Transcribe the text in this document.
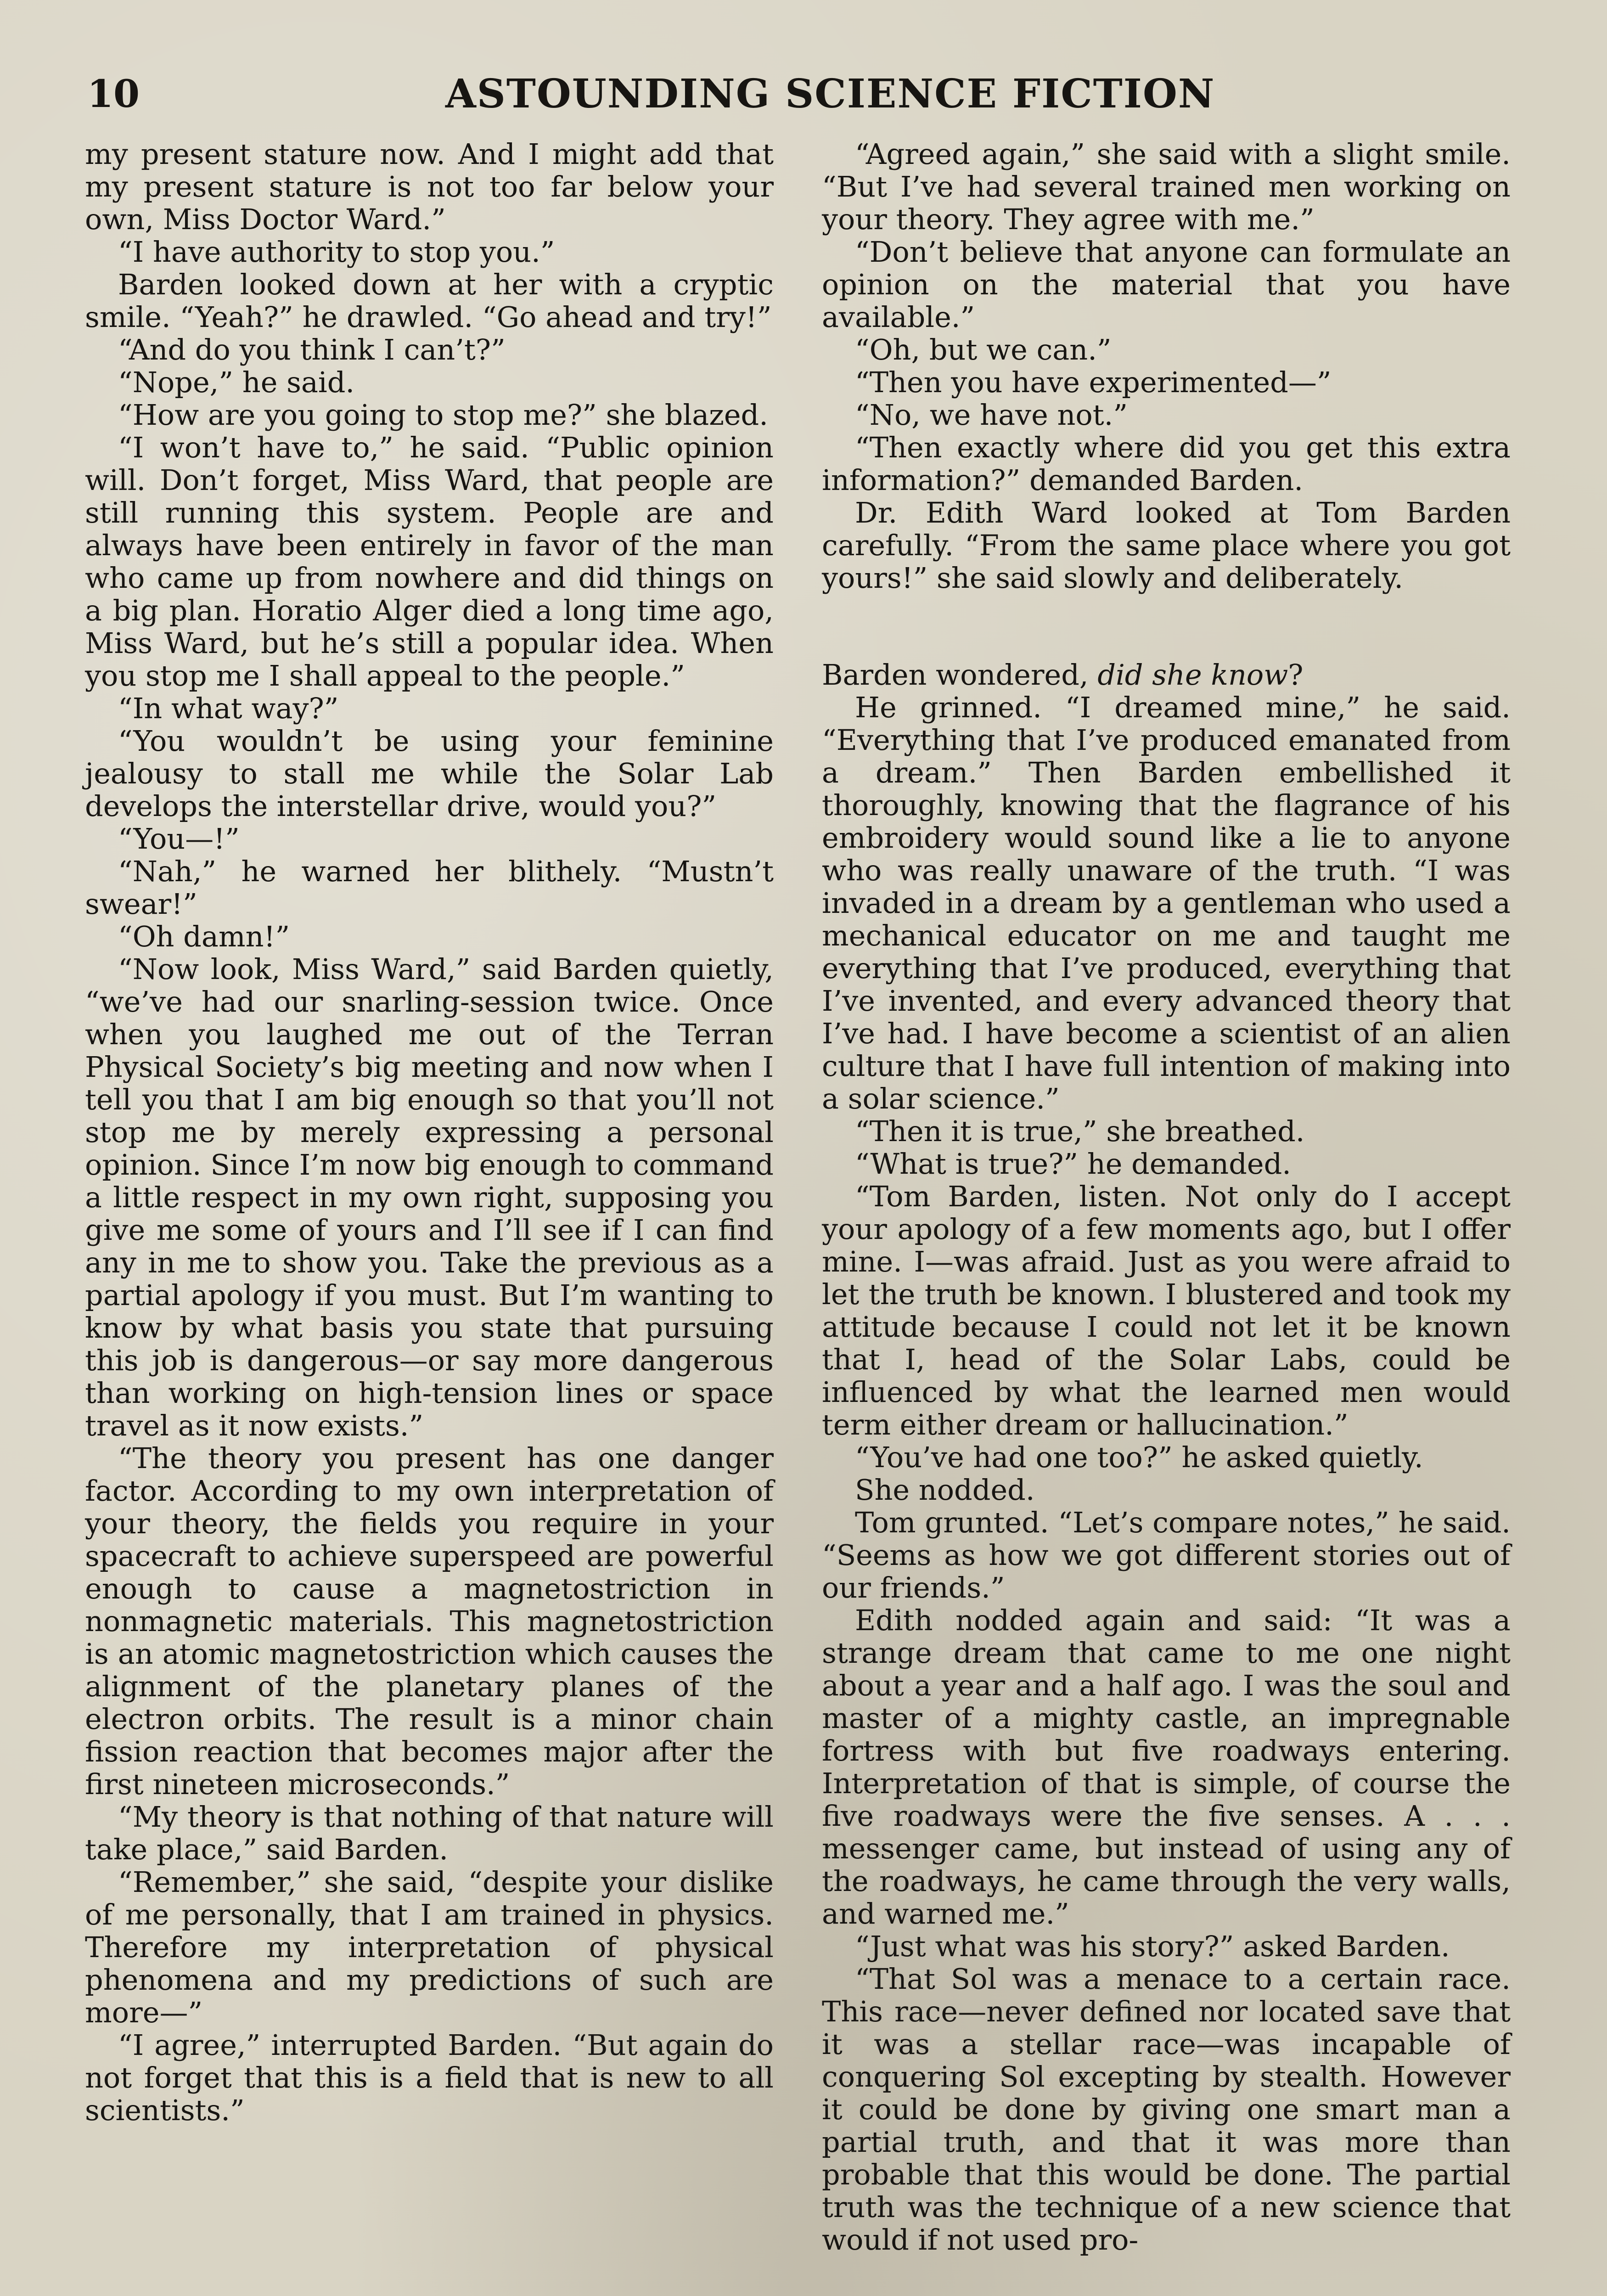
10	ASTOUNDING SCIENCE FICTION

my present stature now. And I might add that my present stature is not too far below your own, Miss Doctor Ward.”

“I have authority to stop you.”

Barden looked down at her with a cryptic smile. “Yeah?” he drawled. “Go ahead and try!”

“And do you think I can’t?”

“Nope,” he said.

“How are you going to stop me?” she blazed.

“I won’t have to,” he said. “Public opinion will. Don’t forget, Miss Ward, that people are still running this system. People are and always have been entirely in favor of the man who came up from nowhere and did things on a big plan. Horatio Alger died a long time ago, Miss Ward, but he’s still a popular idea. When you stop me I shall appeal to the people.”

“In what way?”

“You wouldn’t be using your feminine jealousy to stall me while the Solar Lab develops the interstellar drive, would you?”

“You—!”

“Nah,” he warned her blithely. “Mustn’t swear!”

“Oh damn!”

“Now look, Miss Ward,” said Barden quietly, “we’ve had our snarling-session twice. Once when you laughed me out of the Terran Physical Society’s big meeting and now when I tell you that I am big enough so that you’ll not stop me by merely expressing a personal opinion. Since I’m now big enough to command a little respect in my own right, supposing you give me some of yours and I’ll see if I can find any in me to show you. Take the previous as a partial apology if you must. But I’m wanting to know by what basis you state that pursuing this job is dangerous—or say more dangerous than working on high-tension lines or space travel as it now exists.”

“The theory you present has one danger factor. According to my own interpretation of your theory, the fields you require in your spacecraft to achieve superspeed are powerful enough to cause a magnetostriction in nonmagnetic materials. This magnetostriction is an atomic magnetostriction which causes the alignment of the planetary planes of the electron orbits. The result is a minor chain fission reaction that becomes major after the first nineteen microseconds.”

“My theory is that nothing of that nature will take place,” said Barden.

“Remember,” she said, “despite your dislike of me personally, that I am trained in physics. Therefore my interpretation of physical phenomena and my predictions of such are more—”

“I agree,” interrupted Barden. “But again do not forget that this is a field that is new to all scientists.”

“Agreed again,” she said with a slight smile. “But I’ve had several trained men working on your theory. They agree with me.”

“Don’t believe that anyone can formulate an opinion on the material that you have available.”

“Oh, but we can.”

“Then you have experimented—”

“No, we have not.”

“Then exactly where did you get this extra information?” demanded Barden.

Dr. Edith Ward looked at Tom Barden carefully. “From the same place where you got yours!” she said slowly and deliberately.

Barden wondered, did she know?

He grinned. “I dreamed mine,” he said. “Everything that I’ve produced emanated from a dream.” Then Barden embellished it thoroughly, knowing that the flagrance of his embroidery would sound like a lie to anyone who was really unaware of the truth. “I was invaded in a dream by a gentleman who used a mechanical educator on me and taught me everything that I’ve produced, everything that I’ve invented, and every advanced theory that I’ve had. I have become a scientist of an alien culture that I have full intention of making into a solar science.”

“Then it is true,” she breathed.

“What is true?” he demanded.

“Tom Barden, listen. Not only do I accept your apology of a few moments ago, but I offer mine. I—was afraid. Just as you were afraid to let the truth be known. I blustered and took my attitude because I could not let it be known that I, head of the Solar Labs, could be influenced by what the learned men would term either dream or hallucination.”

“You’ve had one too?” he asked quietly.

She nodded.

Tom grunted. “Let’s compare notes,” he said. “Seems as how we got different stories out of our friends.”

Edith nodded again and said: “It was a strange dream that came to me one night about a year and a half ago. I was the soul and master of a mighty castle, an impregnable fortress with but five roadways entering. Interpretation of that is simple, of course the five roadways were the five senses. A . . . messenger came, but instead of using any of the roadways, he came through the very walls, and warned me.”

“Just what was his story?” asked Barden.

“That Sol was a menace to a certain race. This race—never defined nor located save that it was a stellar race—was incapable of conquering Sol excepting by stealth. However it could be done by giving one smart man a partial truth, and that it was more than probable that this would be done. The partial truth was the technique of a new science that would if not used pro-
